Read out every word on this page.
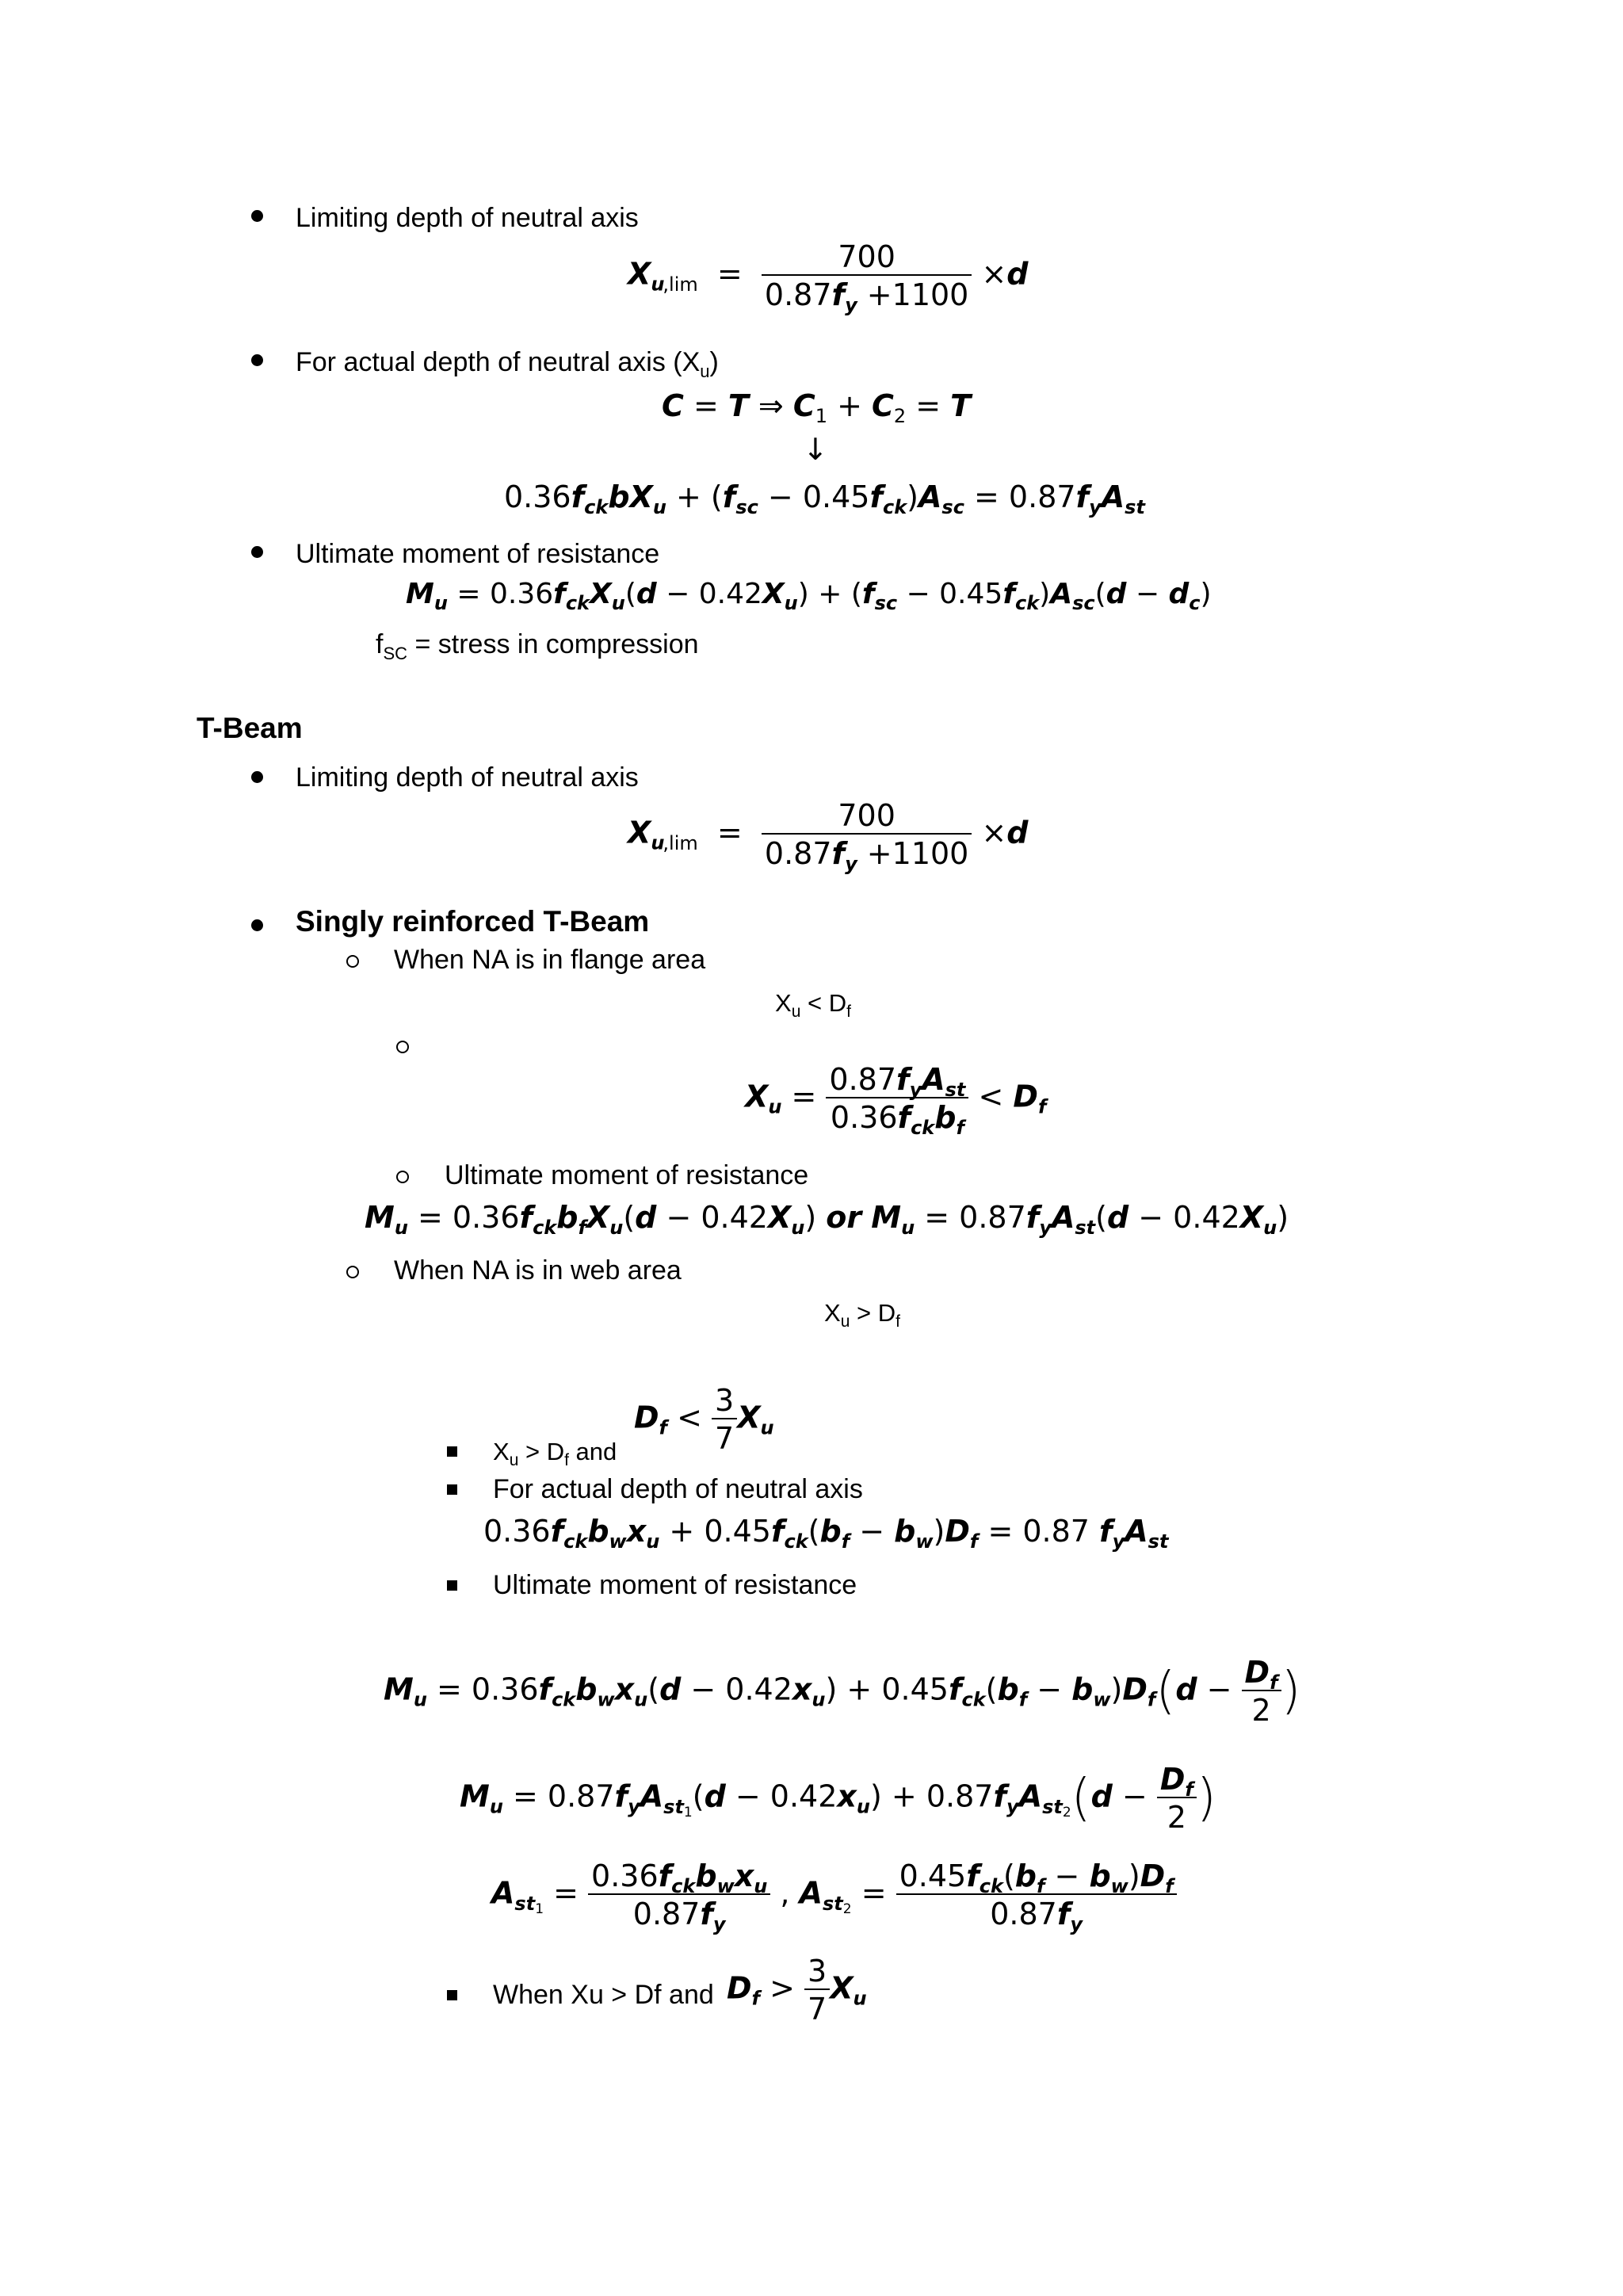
Limiting depth of neutral axis
$X_{u,lim} = \frac{700}{0.87f_y +1100} \times d$
For actual depth of neutral axis $(X_u)$
C = T ⇒ $C_1 + C_2 = T$
↓
$0.36f_{ck}bX_u + (f_{sc} - 0.45f_{ck})A_{sc} = 0.87f_yA_{st}$
Ultimate moment of resistance
$M_u = 0.36f_{ck}X_u(d - 0.42X_u) + (f_{sc} - 0.45f_{ck})A_{sc}(d - d_c)$
$f_{SC}$ = stress in compression
T-Beam
Limiting depth of neutral axis
$X_{u,lim} = \frac{700}{0.87f_y +1100} \times d$
Singly reinforced T-Beam
When NA is in flange area
$X_u < D_f$
$X_u = \frac{0.87f_yA_{st}}{0.36f_{ck}b_f} < D_f$
Ultimate moment of resistance
$M_u = 0.36f_{ck}b_fX_u(d - 0.42X_u)$ or $M_u = 0.87f_yA_{st}(d - 0.42X_u)$
When NA is in web area
$X_u > D_f$
$D_f < \frac{3}{7} X_u$
$X_u > D_f$ and
For actual depth of neutral axis
$0.36f_{ck}b_wx_u + 0.45f_{ck}(b_f - b_w)D_f = 0.87$ $f_yA_{st}$
Ultimate moment of resistance
$M_u = 0.36f_{ck}b_wx_u(d - 0.42x_u) + 0.45f_{ck}(b_f - b_w)D_f(d - \frac{D_f}{2}$ )
$M_u = 0.87f_yA_{st_1}(d - 0.42x_u) + 0.87f_yA_{st_2}(d - \frac{D_f}{2}$ )
$A_{st_1} = \frac{0.36f_{ck}b_wx_u}{0.87f_y}$ , $A_{st_2} = \frac{0.45f_{ck}(b_f - b_w)D_f}{0.87f_y}$
When Xu > Df and $D_f > \frac{3}{7} X_u$
